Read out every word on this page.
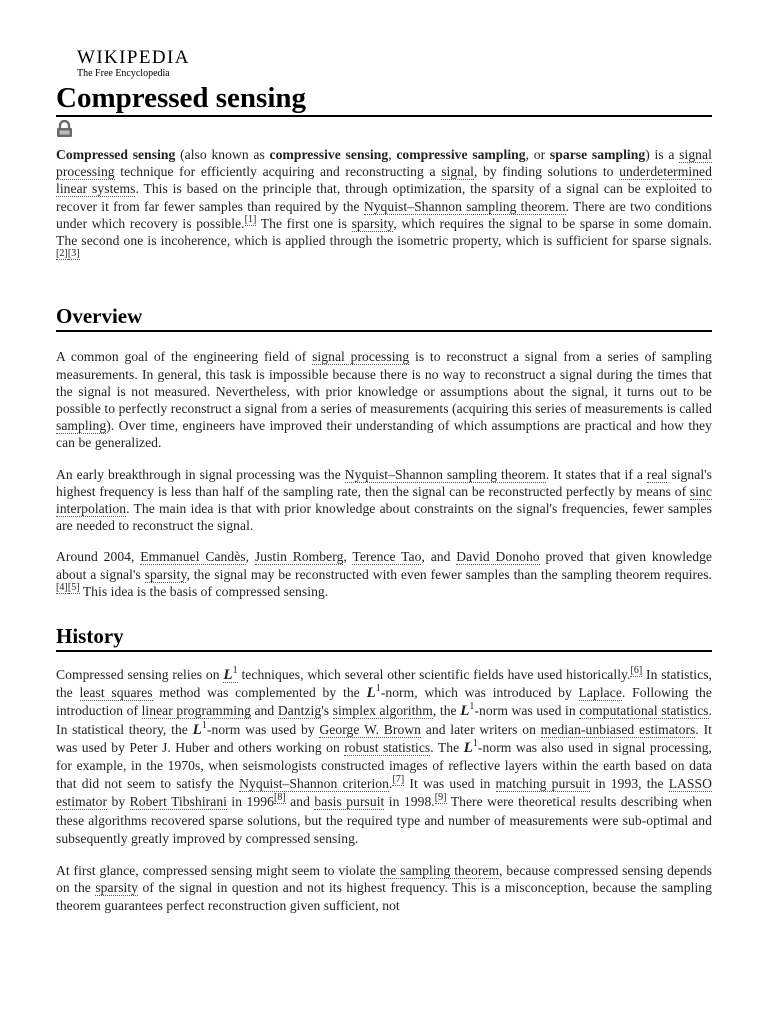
WIKIPEDIA
The Free Encyclopedia
Compressed sensing

Compressed sensing (also known as compressive sensing, compressive sampling, or sparse sampling) is a signal processing technique for efficiently acquiring and reconstructing a signal, by finding solutions to underdetermined linear systems. This is based on the principle that, through optimization, the sparsity of a signal can be exploited to recover it from far fewer samples than required by the Nyquist–Shannon sampling theorem. There are two conditions under which recovery is possible.[1] The first one is sparsity, which requires the signal to be sparse in some domain. The second one is incoherence, which is applied through the isometric property, which is sufficient for sparse signals.[2][3]

Overview

A common goal of the engineering field of signal processing is to reconstruct a signal from a series of sampling measurements. In general, this task is impossible because there is no way to reconstruct a signal during the times that the signal is not measured. Nevertheless, with prior knowledge or assumptions about the signal, it turns out to be possible to perfectly reconstruct a signal from a series of measurements (acquiring this series of measurements is called sampling). Over time, engineers have improved their understanding of which assumptions are practical and how they can be generalized.

An early breakthrough in signal processing was the Nyquist–Shannon sampling theorem. It states that if a real signal's highest frequency is less than half of the sampling rate, then the signal can be reconstructed perfectly by means of sinc interpolation. The main idea is that with prior knowledge about constraints on the signal's frequencies, fewer samples are needed to reconstruct the signal.

Around 2004, Emmanuel Candès, Justin Romberg, Terence Tao, and David Donoho proved that given knowledge about a signal's sparsity, the signal may be reconstructed with even fewer samples than the sampling theorem requires.[4][5] This idea is the basis of compressed sensing.

History

Compressed sensing relies on L$^1$ techniques, which several other scientific fields have used historically.[6] In statistics, the least squares method was complemented by the L$^1$-norm, which was introduced by Laplace. Following the introduction of linear programming and Dantzig's simplex algorithm, the L$^1$-norm was used in computational statistics. In statistical theory, the L$^1$-norm was used by George W. Brown and later writers on median-unbiased estimators. It was used by Peter J. Huber and others working on robust statistics. The L$^1$-norm was also used in signal processing, for example, in the 1970s, when seismologists constructed images of reflective layers within the earth based on data that did not seem to satisfy the Nyquist–Shannon criterion.[7] It was used in matching pursuit in 1993, the LASSO estimator by Robert Tibshirani in 1996[8] and basis pursuit in 1998.[9] There were theoretical results describing when these algorithms recovered sparse solutions, but the required type and number of measurements were sub-optimal and subsequently greatly improved by compressed sensing.

At first glance, compressed sensing might seem to violate the sampling theorem, because compressed sensing depends on the sparsity of the signal in question and not its highest frequency. This is a misconception, because the sampling theorem guarantees perfect reconstruction given sufficient, not
